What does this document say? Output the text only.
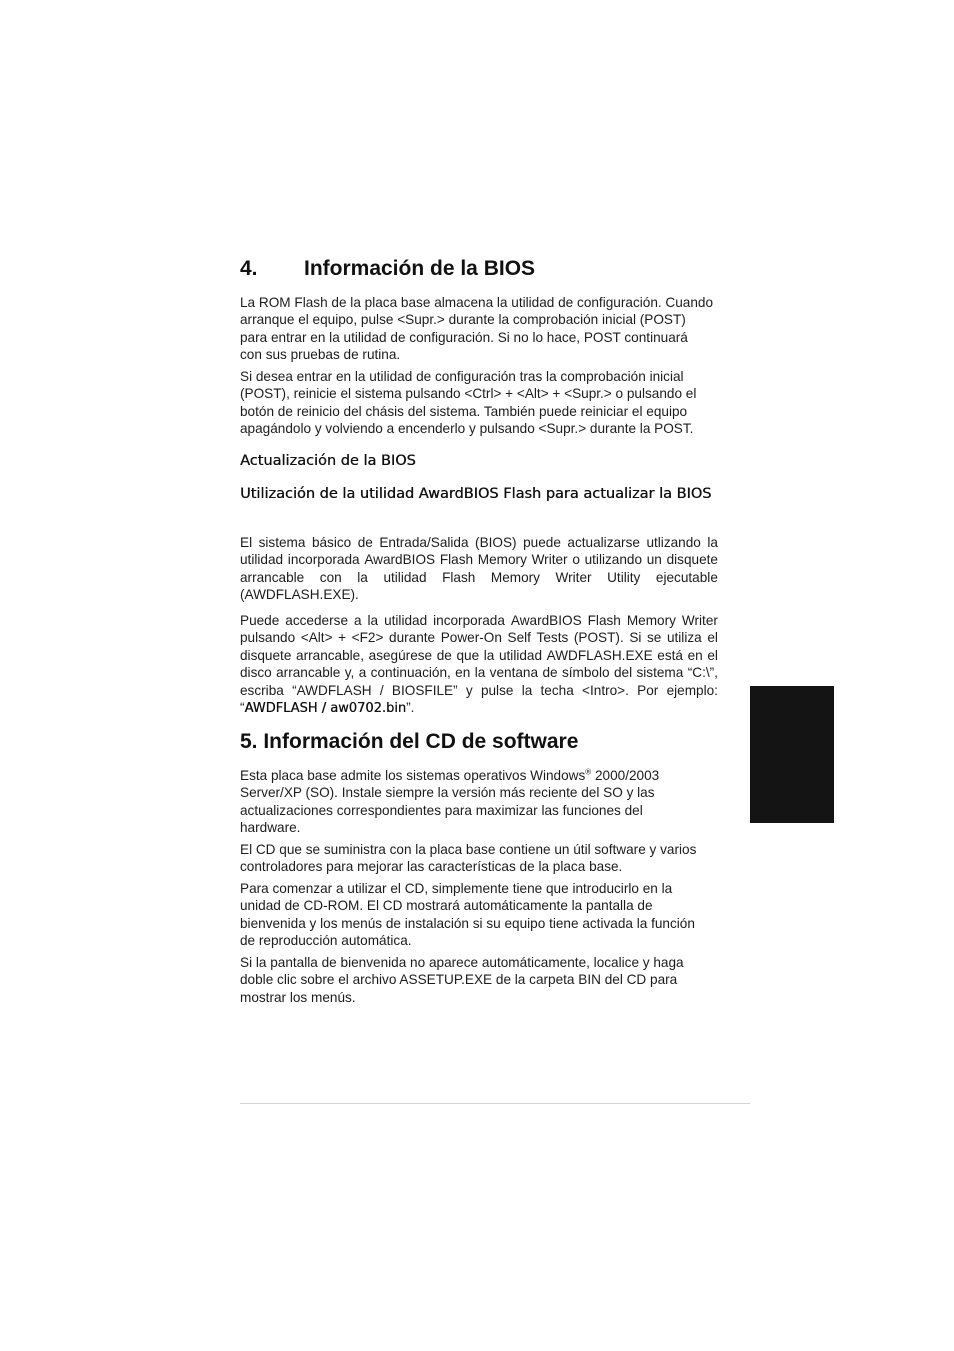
4. Información de la BIOS
La ROM Flash de la placa base almacena la utilidad de configuración. Cuando
arranque el equipo, pulse <Supr.> durante la comprobación inicial (POST)
para entrar en la utilidad de configuración. Si no lo hace, POST continuará
con sus pruebas de rutina.
Si desea entrar en la utilidad de configuración tras la comprobación inicial
(POST), reinicie el sistema pulsando <Ctrl> + <Alt> + <Supr.> o pulsando el
botón de reinicio del chásis del sistema. También puede reiniciar el equipo
apagándolo y volviendo a encenderlo y pulsando <Supr.> durante la POST.
Actualización de la BIOS
Utilización de la utilidad AwardBIOS Flash para actualizar la BIOS
El sistema básico de Entrada/Salida (BIOS) puede actualizarse utlizando la
utilidad incorporada AwardBIOS Flash Memory Writer o utilizando un disquete
arrancable con la utilidad Flash Memory Writer Utility ejecutable
(AWDFLASH.EXE).
Puede accederse a la utilidad incorporada AwardBIOS Flash Memory Writer
pulsando <Alt> + <F2> durante Power-On Self Tests (POST). Si se utiliza el
disquete arrancable, asegúrese de que la utilidad AWDFLASH.EXE está en el
disco arrancable y, a continuación, en la ventana de símbolo del sistema “C:\”,
escriba “AWDFLASH / BIOSFILE” y pulse la techa <Intro>. Por ejemplo:
“AWDFLASH / aw0702.bin”.
5. Información del CD de software
Esta placa base admite los sistemas operativos Windows® 2000/2003
Server/XP (SO). Instale siempre la versión más reciente del SO y las
actualizaciones correspondientes para maximizar las funciones del
hardware.
El CD que se suministra con la placa base contiene un útil software y varios
controladores para mejorar las características de la placa base.
Para comenzar a utilizar el CD, simplemente tiene que introducirlo en la
unidad de CD-ROM. El CD mostrará automáticamente la pantalla de
bienvenida y los menús de instalación si su equipo tiene activada la función
de reproducción automática.
Si la pantalla de bienvenida no aparece automáticamente, localice y haga
doble clic sobre el archivo ASSETUP.EXE de la carpeta BIN del CD para
mostrar los menús.
